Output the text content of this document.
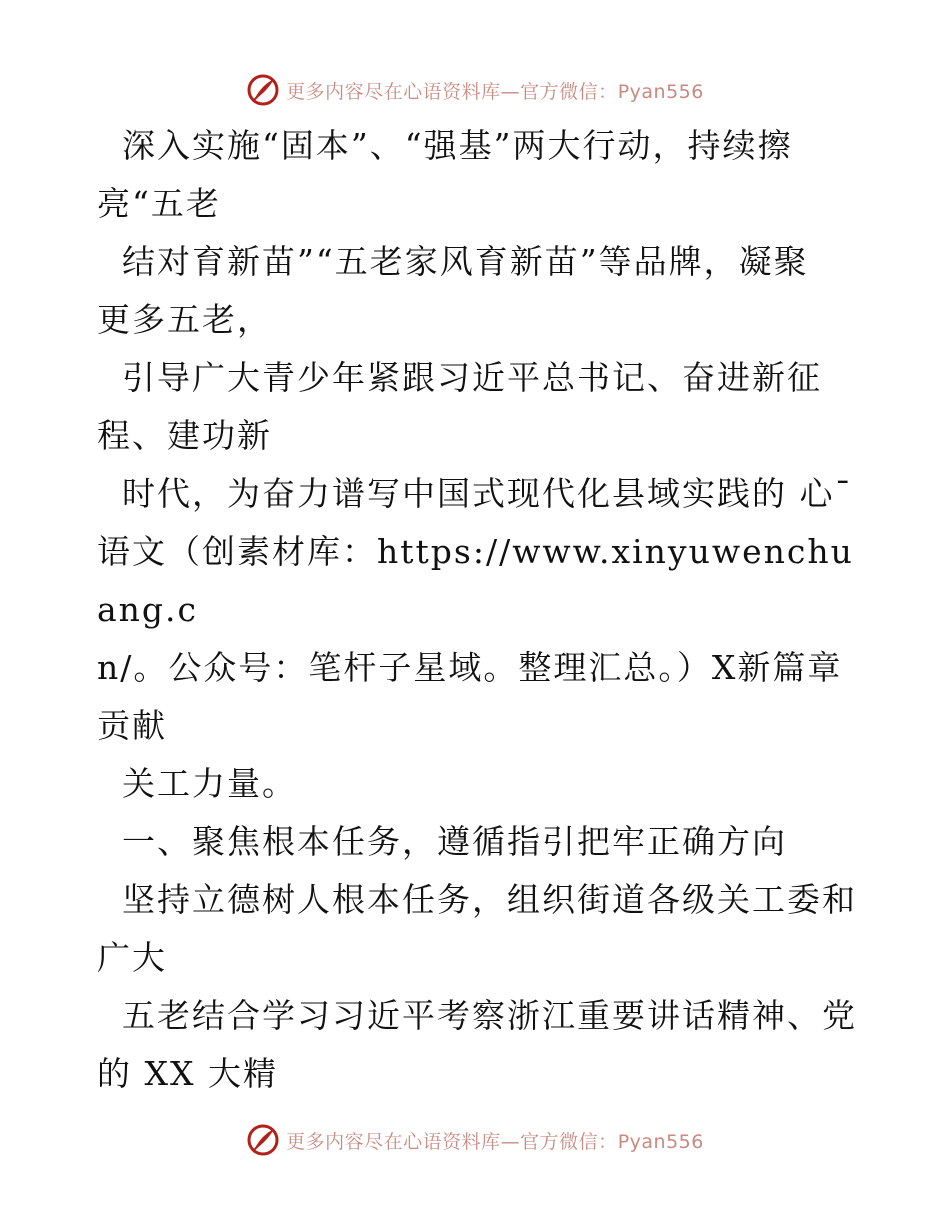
更多内容尽在心语资料库—官方微信：Pyan556

深入实施“固本”、“强基”两大行动，持续擦

亮“五老

结对育新苗”“五老家风育新苗”等品牌，凝聚

更多五老，

引导广大青少年紧跟习近平总书记、奋进新征

程、建功新

时代，为奋力谱写中国式现代化县域实践的 心¯

语文（创素材库：https://www.xinyuwenchuang.c

n/。公众号：笔杆子星域。整理汇总。）X新篇章

贡献

关工力量。

一、聚焦根本任务，遵循指引把牢正确方向

坚持立德树人根本任务，组织街道各级关工委和

广大

五老结合学习习近平考察浙江重要讲话精神、党

的 XX 大精

更多内容尽在心语资料库—官方微信：Pyan556
